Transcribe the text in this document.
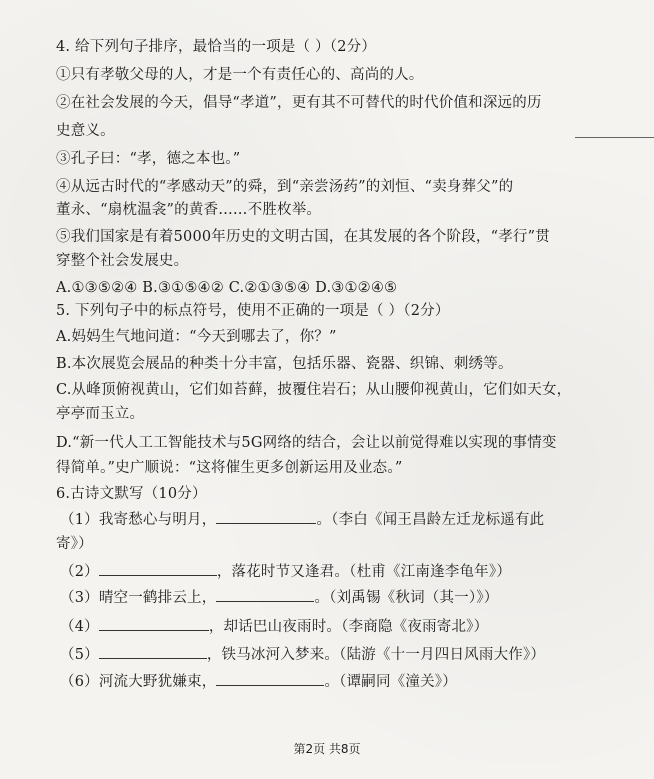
4. 给下列句子排序，最恰当的一项是（ ）（2分）
①只有孝敬父母的人，才是一个有责任心的、高尚的人。
②在社会发展的今天，倡导“孝道”，更有其不可替代的时代价值和深远的历
史意义。
③孔子曰：“孝，德之本也。”
④从远古时代的“孝感动天”的舜，到“亲尝汤药”的刘恒、“卖身葬父”的
董永、“扇枕温衾”的黄香……不胜枚举。
⑤我们国家是有着5000年历史的文明古国，在其发展的各个阶段，“孝行”贯
穿整个社会发展史。
A.①③⑤②④ B.③①⑤④② C.②①③⑤④ D.③①②④⑤
5. 下列句子中的标点符号，使用不正确的一项是（ ）（2分）
A.妈妈生气地问道：“今天到哪去了，你？”
B.本次展览会展品的种类十分丰富，包括乐器、瓷器、织锦、刺绣等。
C.从峰顶俯视黄山，它们如苔藓，披覆住岩石；从山腰仰视黄山，它们如天女，
亭亭而玉立。
D.“新一代人工工智能技术与5G网络的结合，会让以前觉得难以实现的事情变
得简单。”史广顺说：“这将催生更多创新运用及业态。”
6.古诗文默写（10分）
（1）我寄愁心与明月，	。（李白《闻王昌龄左迁龙标遥有此
寄》）
（2）	，落花时节又逢君。（杜甫《江南逢李龟年》）
（3）晴空一鹤排云上，	。（刘禹锡《秋词（其一）》）
（4）	，却话巴山夜雨时。（李商隐《夜雨寄北》）
（5）	，铁马冰河入梦来。（陆游《十一月四日风雨大作》）
（6）河流大野犹嫌束，	。（谭嗣同《潼关》）
第2页 共8页
